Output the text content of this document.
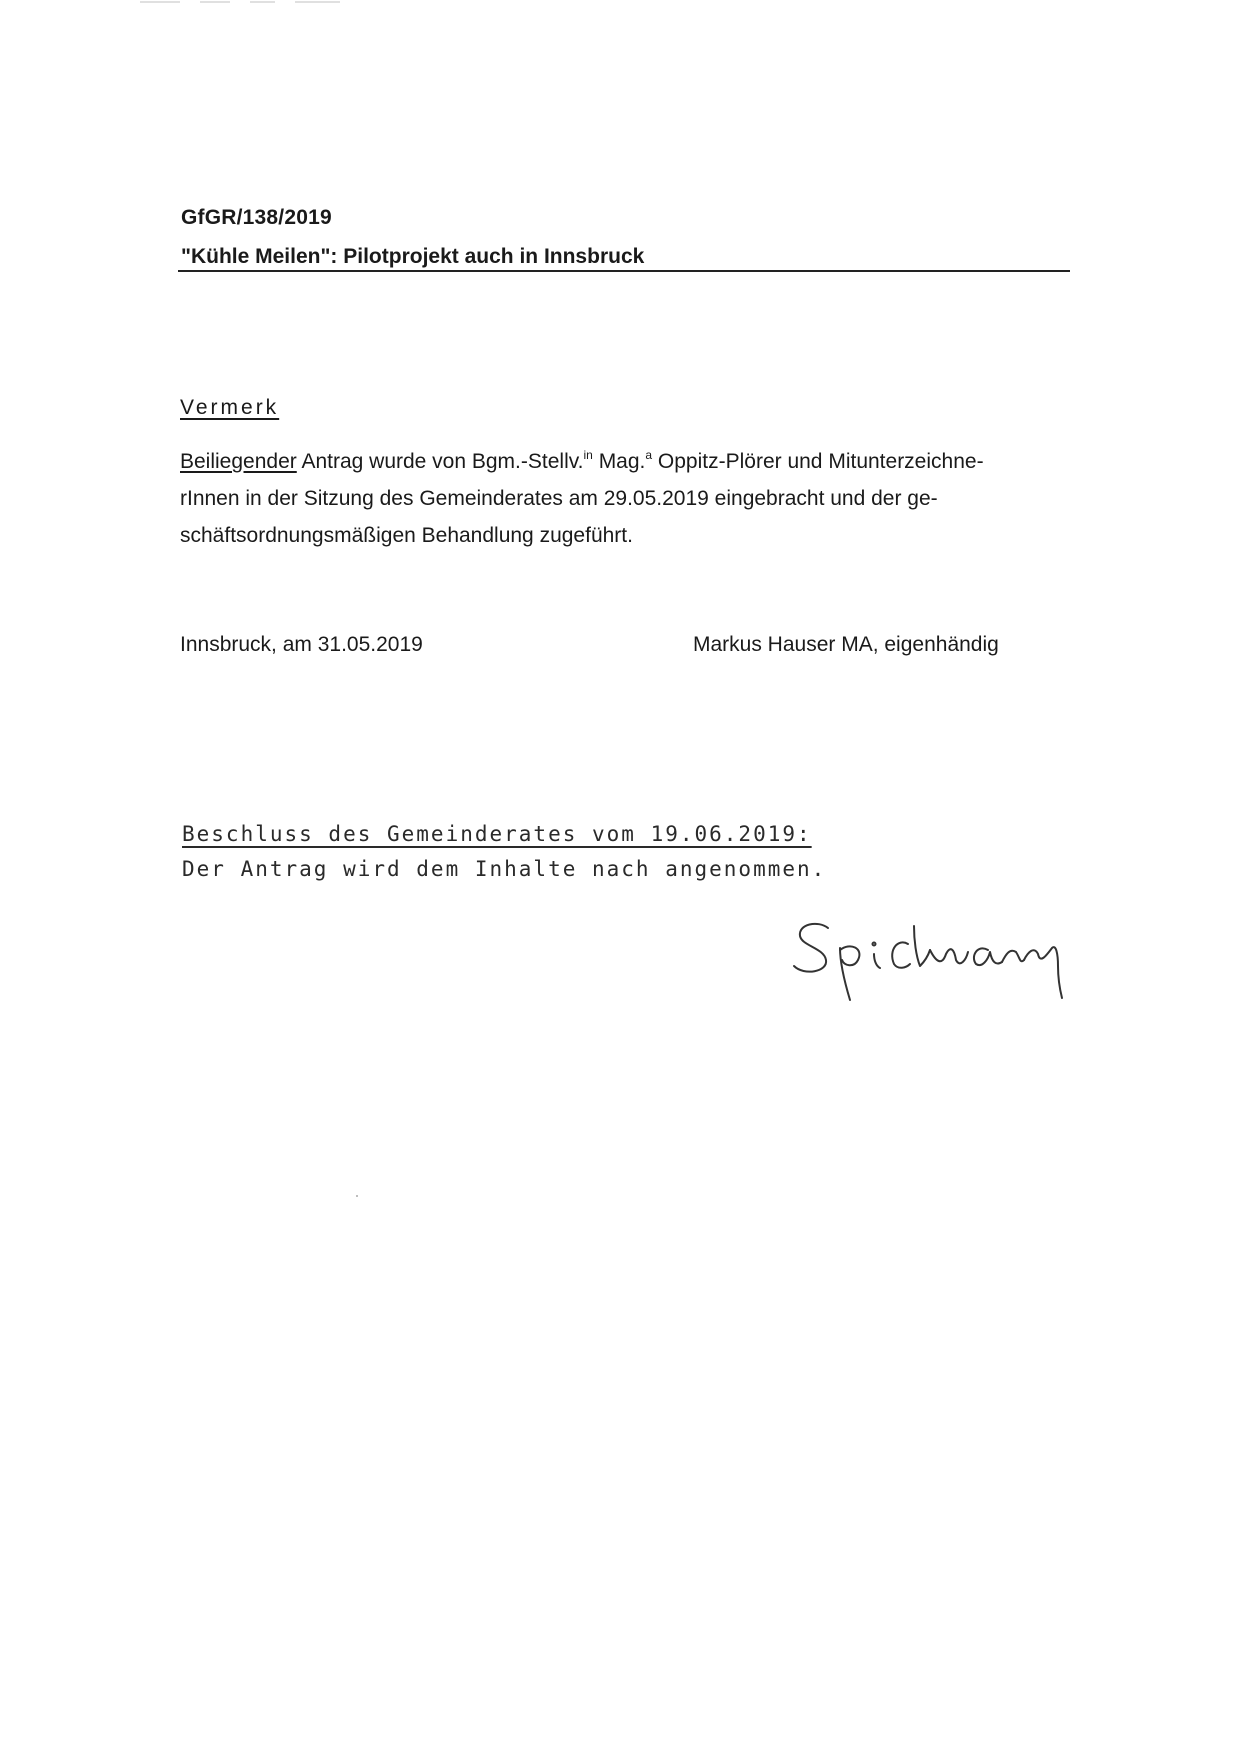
GfGR/138/2019
"Kühle Meilen": Pilotprojekt auch in Innsbruck
Vermerk
Beiliegender Antrag wurde von Bgm.-Stellv.$^{in}$ Mag.$^a$ Oppitz-Plörer und Mitunterzeichne-
rInnen in der Sitzung des Gemeinderates am 29.05.2019 eingebracht und der ge-
schäftsordnungsmäßigen Behandlung zugeführt.
Innsbruck, am 31.05.2019	Markus Hauser MA, eigenhändig
Beschluss des Gemeinderates vom 19.06.2019:
Der Antrag wird dem Inhalte nach angenommen.
